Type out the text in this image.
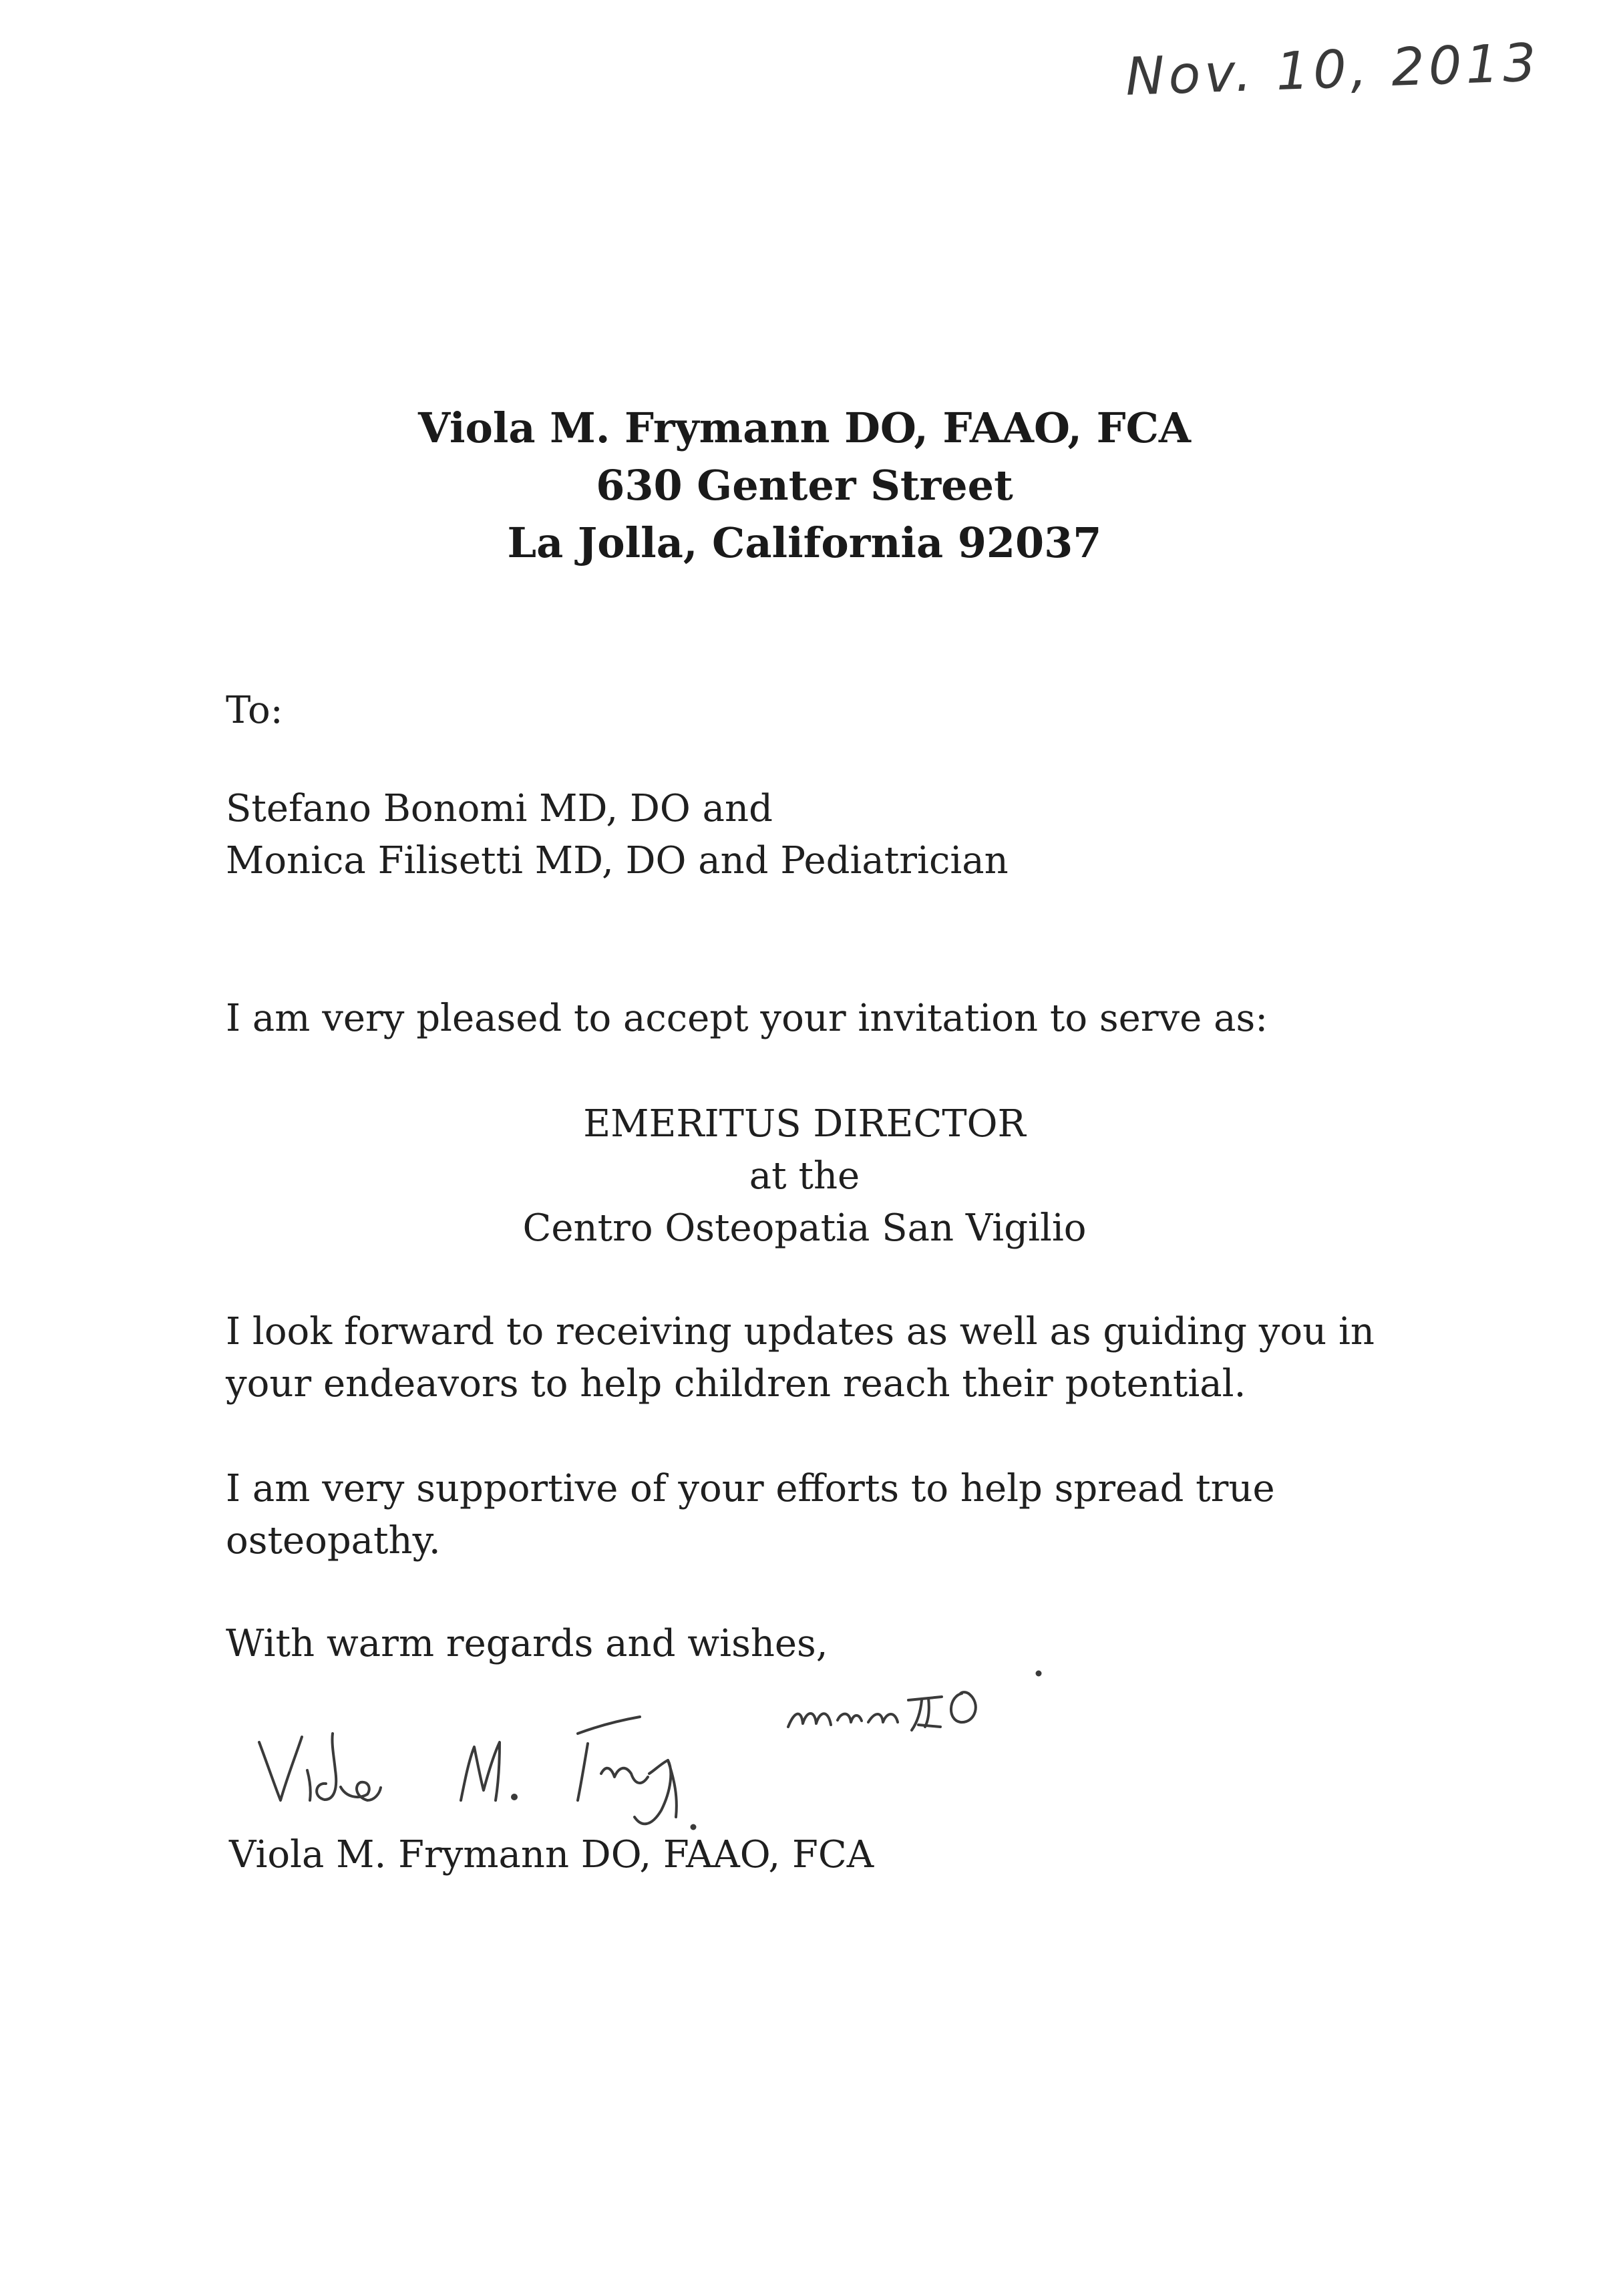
Nov. 10, 2013
Viola M. Frymann DO, FAAO, FCA
630 Genter Street
La Jolla, California 92037
To:
Stefano Bonomi MD, DO and
Monica Filisetti MD, DO and Pediatrician
I am very pleased to accept your invitation to serve as:
EMERITUS DIRECTOR
at the
Centro Osteopatia San Vigilio
I look forward to receiving updates as well as guiding you in
your endeavors to help children reach their potential.
I am very supportive of your efforts to help spread true
osteopathy.
With warm regards and wishes,
Viola M. Frymann DO, FAAO, FCA
